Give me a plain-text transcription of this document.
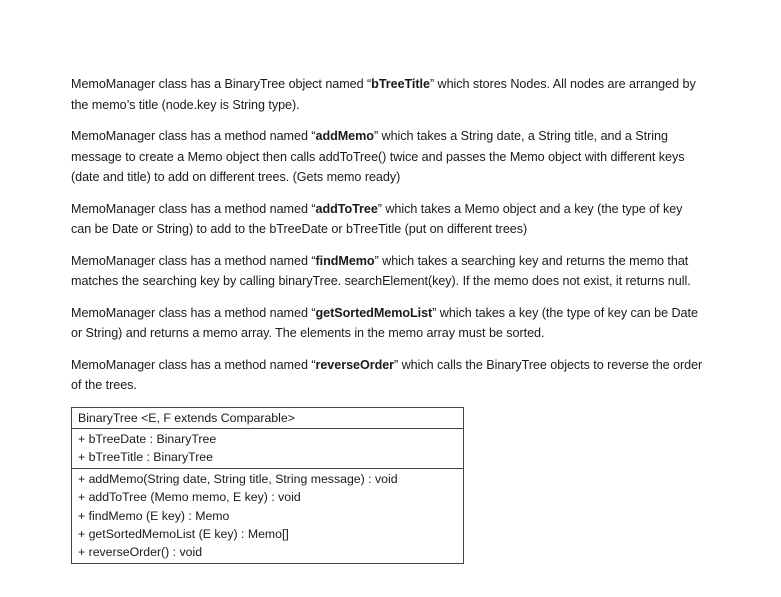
MemoManager class has a BinaryTree object named “bTreeTitle” which stores Nodes. All nodes are arranged by the memo’s title (node.key is String type).

MemoManager class has a method named “addMemo” which takes a String date, a String title, and a String message to create a Memo object then calls addToTree() twice and passes the Memo object with different keys (date and title) to add on different trees. (Gets memo ready)

MemoManager class has a method named “addToTree” which takes a Memo object and a key (the type of key can be Date or String) to add to the bTreeDate or bTreeTitle (put on different trees)

MemoManager class has a method named “findMemo” which takes a searching key and returns the memo that matches the searching key by calling binaryTree. searchElement(key). If the memo does not exist, it returns null.

MemoManager class has a method named “getSortedMemoList” which takes a key (the type of key can be Date or String) and returns a memo array. The elements in the memo array must be sorted.

MemoManager class has a method named “reverseOrder” which calls the BinaryTree objects to reverse the order of the trees.

BinaryTree <E, F extends Comparable>
+ bTreeDate : BinaryTree
+ bTreeTitle : BinaryTree
+ addMemo(String date, String title, String message) : void
+ addToTree (Memo memo, E key) : void
+ findMemo (E key) : Memo
+ getSortedMemoList (E key) : Memo[]
+ reverseOrder() : void
